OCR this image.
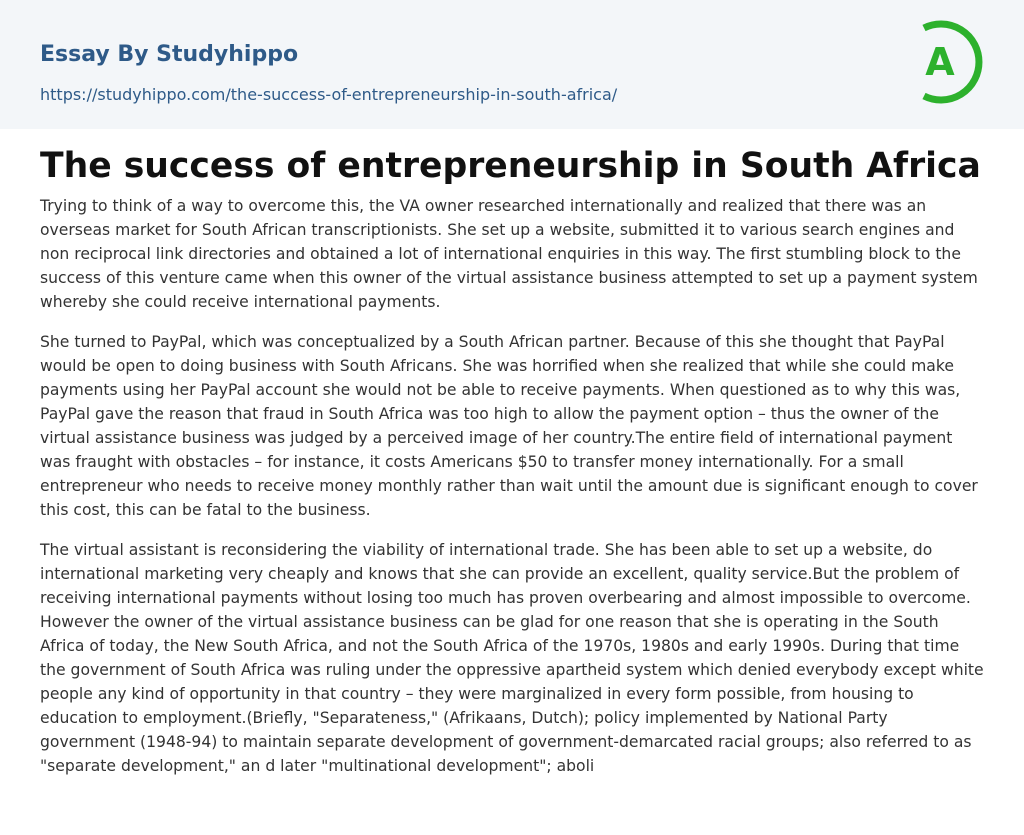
Essay By Studyhippo
https://studyhippo.com/the-success-of-entrepreneurship-in-south-africa/
A
The success of entrepreneurship in South Africa

Trying to think of a way to overcome this, the VA owner researched internationally and realized that there was an overseas market for South African transcriptionists. She set up a website, submitted it to various search engines and non reciprocal link directories and obtained a lot of international enquiries in this way. The first stumbling block to the success of this venture came when this owner of the virtual assistance business attempted to set up a payment system whereby she could receive international payments.

She turned to PayPal, which was conceptualized by a South African partner. Because of this she thought that PayPal would be open to doing business with South Africans. She was horrified when she realized that while she could make payments using her PayPal account she would not be able to receive payments. When questioned as to why this was, PayPal gave the reason that fraud in South Africa was too high to allow the payment option – thus the owner of the virtual assistance business was judged by a perceived image of her country.The entire field of international payment was fraught with obstacles – for instance, it costs Americans $50 to transfer money internationally. For a small entrepreneur who needs to receive money monthly rather than wait until the amount due is significant enough to cover this cost, this can be fatal to the business.

The virtual assistant is reconsidering the viability of international trade. She has been able to set up a website, do international marketing very cheaply and knows that she can provide an excellent, quality service.But the problem of receiving international payments without losing too much has proven overbearing and almost impossible to overcome. However the owner of the virtual assistance business can be glad for one reason that she is operating in the South Africa of today, the New South Africa, and not the South Africa of the 1970s, 1980s and early 1990s. During that time the government of South Africa was ruling under the oppressive apartheid system which denied everybody except white people any kind of opportunity in that country – they were marginalized in every form possible, from housing to education to employment.(Briefly, "Separateness," (Afrikaans, Dutch); policy implemented by National Party government (1948-94) to maintain separate development of government-demarcated racial groups; also referred to as "separate development," an d later "multinational development"; aboli
